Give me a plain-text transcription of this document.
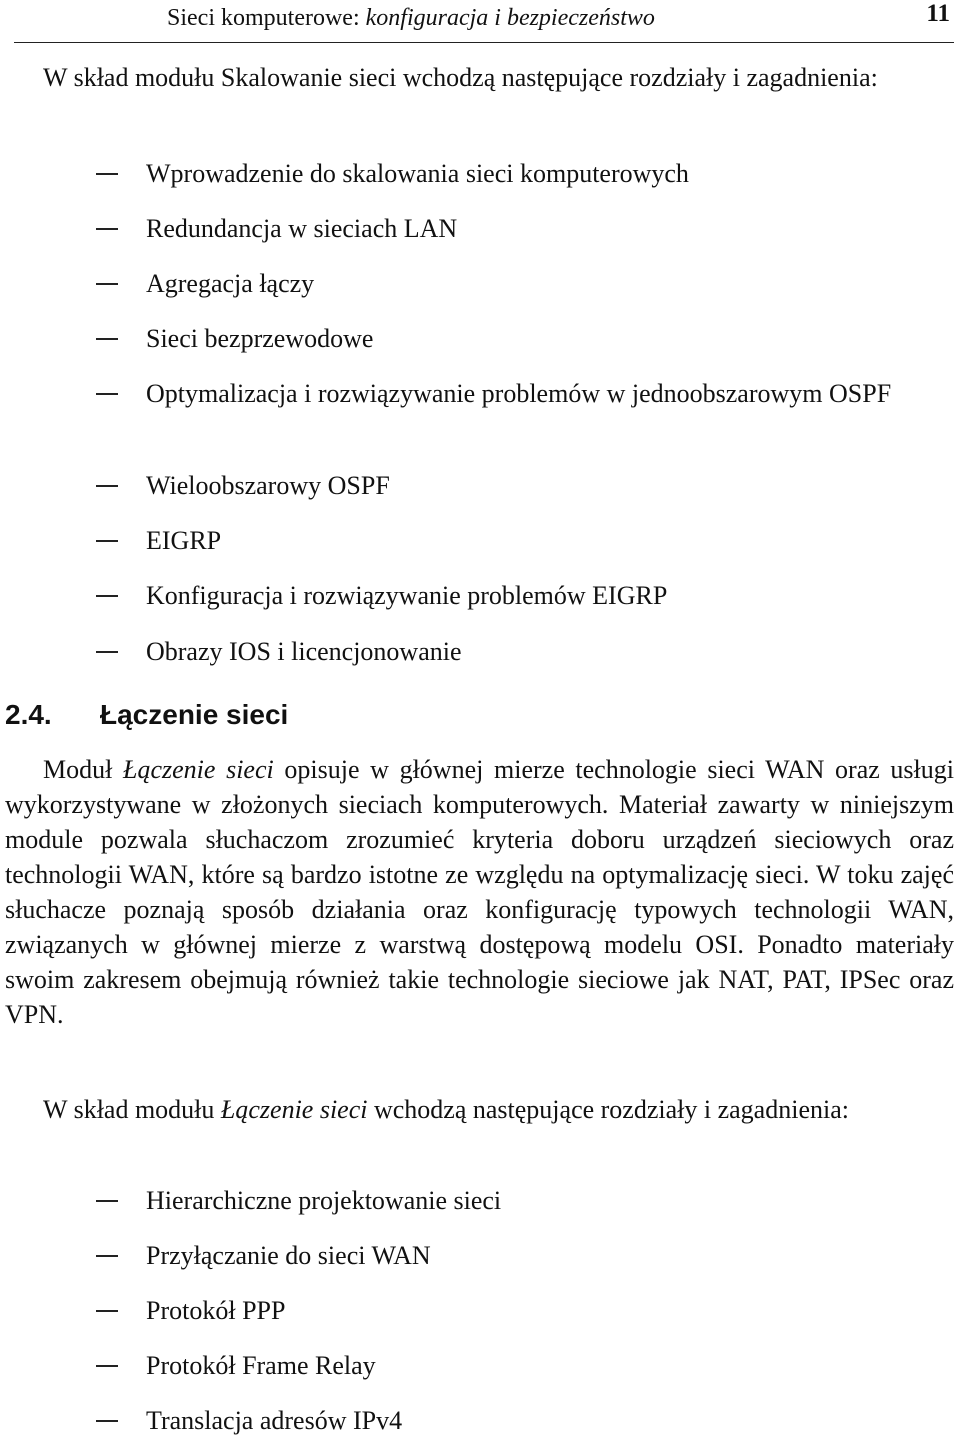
Sieci komputerowe: konfiguracja i bezpieczeństwo	11

W skład modułu Skalowanie sieci wchodzą następujące rozdziały i zagadnienia:

Wprowadzenie do skalowania sieci komputerowych
Redundancja w sieciach LAN
Agregacja łączy
Sieci bezprzewodowe
Optymalizacja i rozwiązywanie problemów w jednoobszarowym OSPF
Wieloobszarowy OSPF
EIGRP
Konfiguracja i rozwiązywanie problemów EIGRP
Obrazy IOS i licencjonowanie
2.4. Łączenie sieci

Moduł Łączenie sieci opisuje w głównej mierze technologie sieci WAN oraz usługi wykorzystywane w złożonych sieciach komputerowych. Materiał zawarty w niniejszym module pozwala słuchaczom zrozumieć kryteria doboru urządzeń sieciowych oraz technologii WAN, które są bardzo istotne ze względu na optymalizację sieci. W toku zajęć słuchacze poznają sposób działania oraz konfigurację typowych technologii WAN, związanych w głównej mierze z warstwą dostępową modelu OSI. Ponadto materiały swoim zakresem obejmują również takie technologie sieciowe jak NAT, PAT, IPSec oraz VPN.

W skład modułu Łączenie sieci wchodzą następujące rozdziały i zagadnienia:

Hierarchiczne projektowanie sieci
Przyłączanie do sieci WAN
Protokół PPP
Protokół Frame Relay
Translacja adresów IPv4
